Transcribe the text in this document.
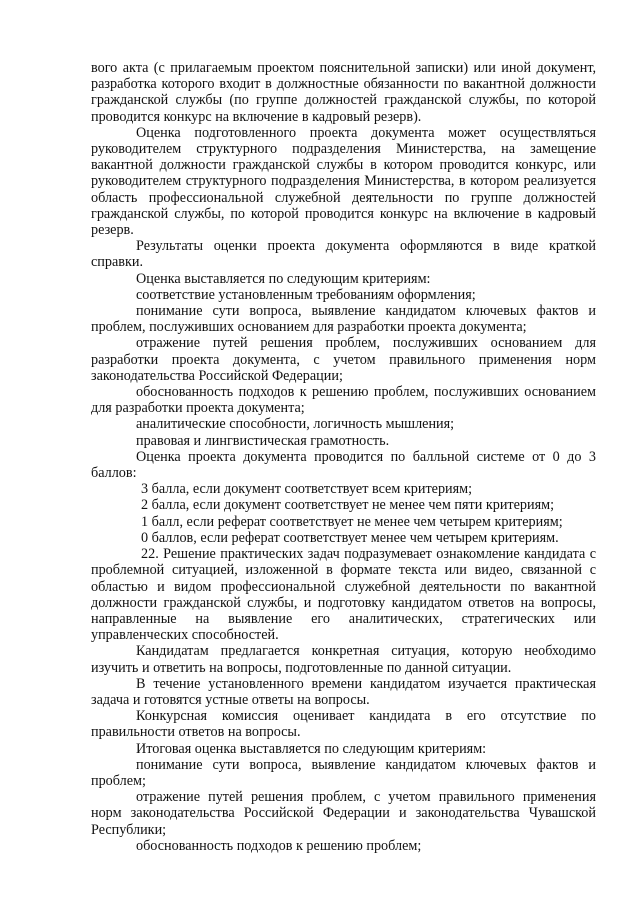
вого акта (с прилагаемым проектом пояснительной записки) или иной документ, разработка которого входит в должностные обязанности по вакантной должности гражданской службы (по группе должностей гражданской службы, по которой проводится конкурс на включение в кадровый резерв).

Оценка подготовленного проекта документа может осуществляться руководителем структурного подразделения Министерства, на замещение вакантной должности гражданской службы в котором проводится конкурс, или руководителем структурного подразделения Министерства, в котором реализуется область профессиональной служебной деятельности по группе должностей гражданской службы, по которой проводится конкурс на включение в кадровый резерв.

Результаты оценки проекта документа оформляются в виде краткой справки.

Оценка выставляется по следующим критериям:

соответствие установленным требованиям оформления;

понимание сути вопроса, выявление кандидатом ключевых фактов и проблем, послуживших основанием для разработки проекта документа;

отражение путей решения проблем, послуживших основанием для разработки проекта документа, с учетом правильного применения норм законодательства Российской Федерации;

обоснованность подходов к решению проблем, послуживших основанием для разработки проекта документа;

аналитические способности, логичность мышления;

правовая и лингвистическая грамотность.

Оценка проекта документа проводится по балльной системе от 0 до 3 баллов:

3 балла, если документ соответствует всем критериям;

2 балла, если документ соответствует не менее чем пяти критериям;

1 балл, если реферат соответствует не менее чем четырем критериям;

0 баллов, если реферат соответствует менее чем четырем критериям.

22. Решение практических задач подразумевает ознакомление кандидата с проблемной ситуацией, изложенной в формате текста или видео, связанной с областью и видом профессиональной служебной деятельности по вакантной должности гражданской службы, и подготовку кандидатом ответов на вопросы, направленные на выявление его аналитических, стратегических или управленческих способностей.

Кандидатам предлагается конкретная ситуация, которую необходимо изучить и ответить на вопросы, подготовленные по данной ситуации.

В течение установленного времени кандидатом изучается практическая задача и готовятся устные ответы на вопросы.

Конкурсная комиссия оценивает кандидата в его отсутствие по правильности ответов на вопросы.

Итоговая оценка выставляется по следующим критериям:

понимание сути вопроса, выявление кандидатом ключевых фактов и проблем;

отражение путей решения проблем, с учетом правильного применения норм законодательства Российской Федерации и законодательства Чувашской Республики;

обоснованность подходов к решению проблем;
